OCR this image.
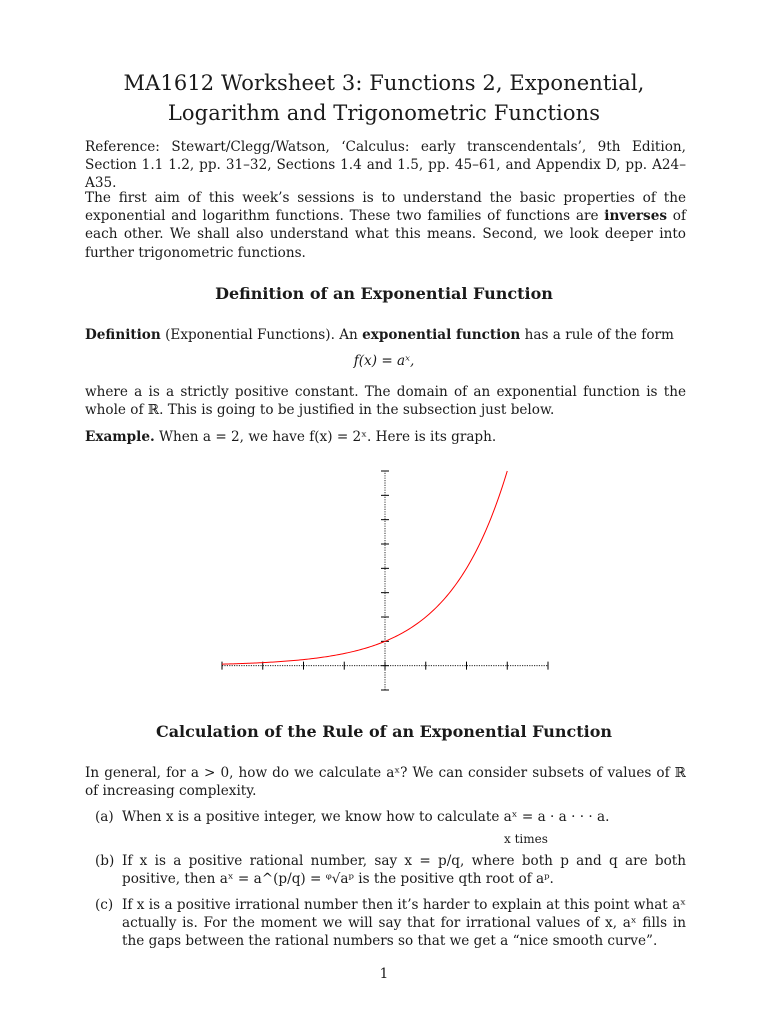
MA1612 Worksheet 3: Functions 2, Exponential,
Logarithm and Trigonometric Functions
Reference: Stewart/Clegg/Watson, ‘Calculus: early transcendentals’, 9th Edition, Section 1.1 1.2, pp. 31–32, Sections 1.4 and 1.5, pp. 45–61, and Appendix D, pp. A24–A35.
The first aim of this week’s sessions is to understand the basic properties of the exponential and logarithm functions. These two families of functions are inverses of each other. We shall also understand what this means. Second, we look deeper into further trigonometric functions.
Definition of an Exponential Function
Definition (Exponential Functions). An exponential function has a rule of the form
f(x) = aˣ,
where a is a strictly positive constant. The domain of an exponential function is the whole of ℝ. This is going to be justified in the subsection just below.
Example. When a = 2, we have f(x) = 2ˣ. Here is its graph.
Calculation of the Rule of an Exponential Function
In general, for a > 0, how do we calculate aˣ? We can consider subsets of values of ℝ of increasing complexity.
(a) When x is a positive integer, we know how to calculate aˣ = a · a · · · a.
x times
(b) If x is a positive rational number, say x = p/q, where both p and q are both positive, then aˣ = a^(p/q) = ᵠ√aᵖ is the positive qth root of aᵖ.
(c) If x is a positive irrational number then it’s harder to explain at this point what aˣ actually is. For the moment we will say that for irrational values of x, aˣ fills in the gaps between the rational numbers so that we get a “nice smooth curve”.
1
